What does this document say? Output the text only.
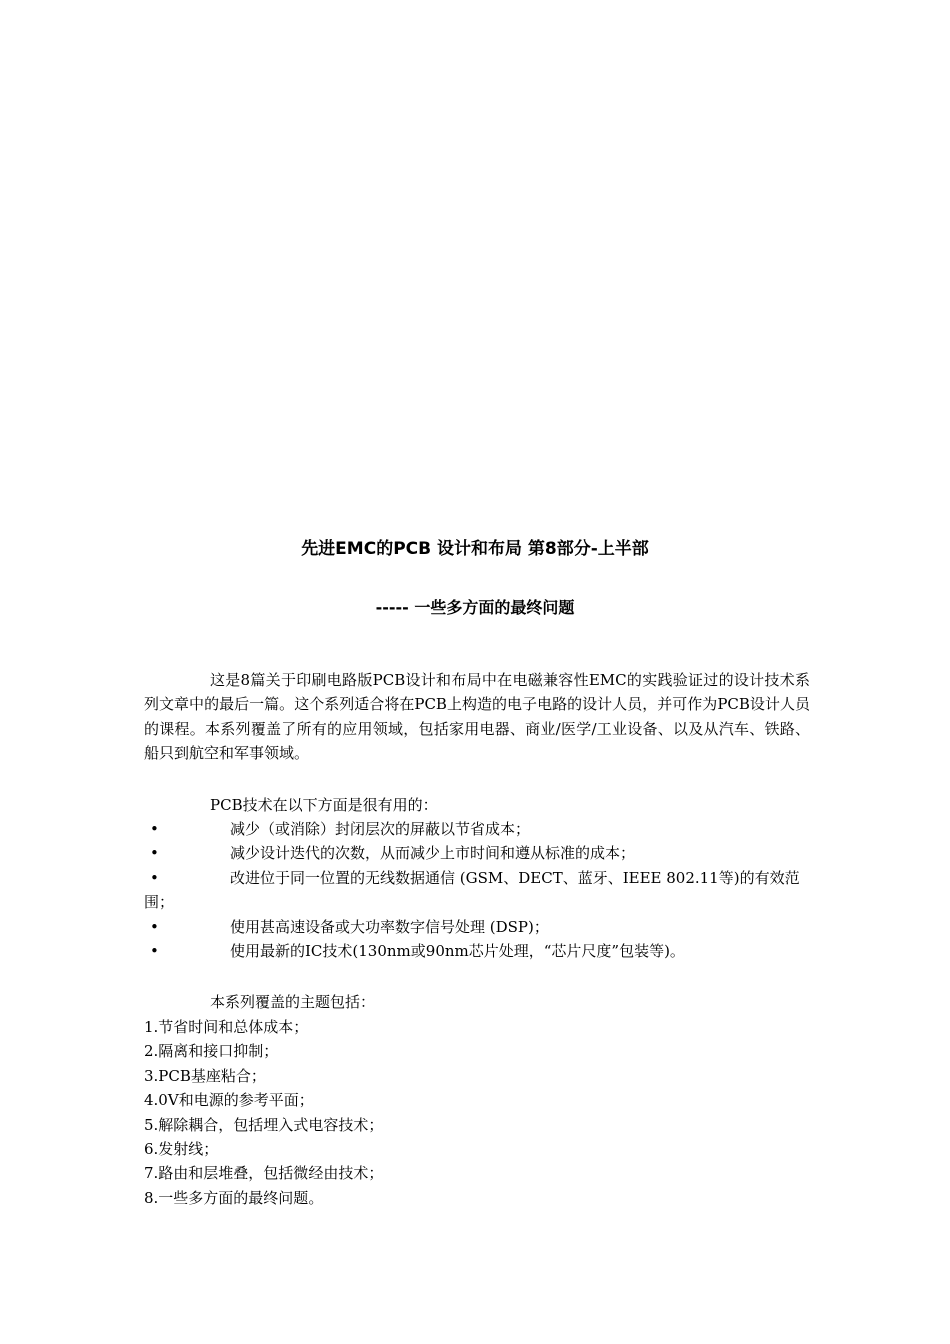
先进EMC的PCB 设计和布局 第8部分-上半部
----- 一些多方面的最终问题

这是8篇关于印刷电路版PCB设计和布局中在电磁兼容性EMC的实践验证过的设计技术系列文章中的最后一篇。这个系列适合将在PCB上构造的电子电路的设计人员，并可作为PCB设计人员的课程。本系列覆盖了所有的应用领域，包括家用电器、商业/医学/工业设备、以及从汽车、铁路、船只到航空和军事领域。

PCB技术在以下方面是很有用的：
•	减少（或消除）封闭层次的屏蔽以节省成本；
•	减少设计迭代的次数，从而减少上市时间和遵从标准的成本；
•	改进位于同一位置的无线数据通信 (GSM、DECT、蓝牙、IEEE 802.11等)的有效范围；
•	使用甚高速设备或大功率数字信号处理 (DSP)；
•	使用最新的IC技术(130nm或90nm芯片处理，“芯片尺度”包装等)。
本系列覆盖的主题包括：
1.节省时间和总体成本；
2.隔离和接口抑制；
3.PCB基座粘合；
4.0V和电源的参考平面；
5.解除耦合，包括埋入式电容技术；
6.发射线；
7.路由和层堆叠，包括微经由技术；
8.一些多方面的最终问题。
